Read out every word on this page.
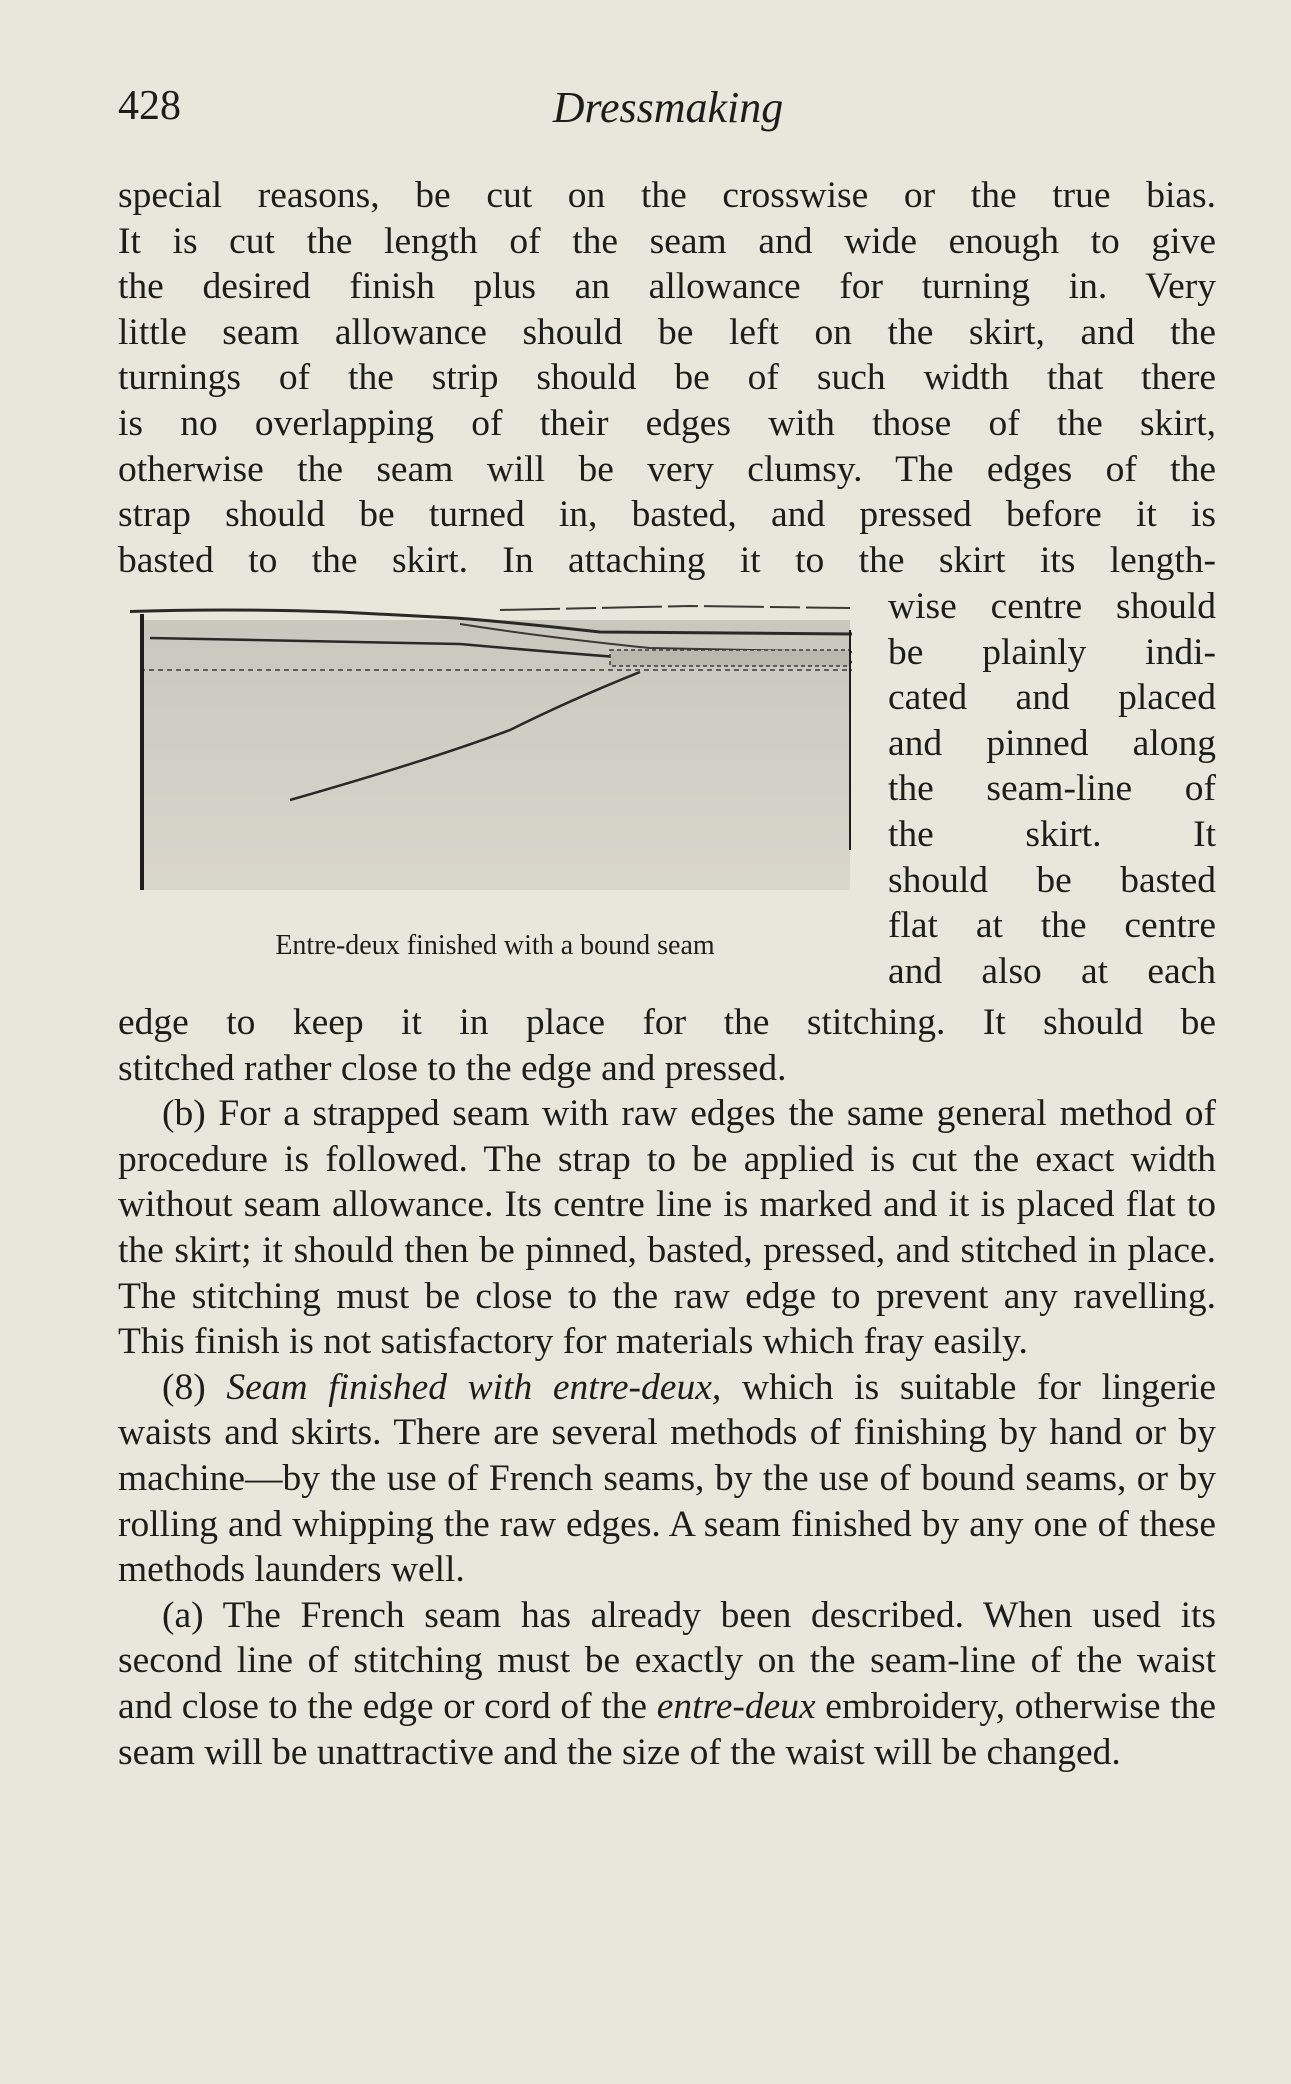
428	Dressmaking
special reasons, be cut on the crosswise or the true bias.
It is cut the length of the seam and wide enough to give
the desired finish plus an allowance for turning in. Very
little seam allowance should be left on the skirt, and the
turnings of the strip should be of such width that there
is no overlapping of their edges with those of the skirt,
otherwise the seam will be very clumsy. The edges of the
strap should be turned in, basted, and pressed before it is
basted to the skirt. In attaching it to the skirt its length-
Entre-deux finished with a bound seam
wise centre should
be plainly indi-
cated and placed
and pinned along
the seam-line of
the skirt. It
should be basted
flat at the centre
and also at each
edge to keep it in place for the stitching. It should be
stitched rather close to the edge and pressed.

(b) For a strapped seam with raw edges the same general method of procedure is followed. The strap to be applied is cut the exact width without seam allowance. Its centre line is marked and it is placed flat to the skirt; it should then be pinned, basted, pressed, and stitched in place. The stitching must be close to the raw edge to prevent any ravelling. This finish is not satisfactory for materials which fray easily.

(8) Seam finished with entre-deux, which is suitable for lingerie waists and skirts. There are several methods of finishing by hand or by machine—by the use of French seams, by the use of bound seams, or by rolling and whipping the raw edges. A seam finished by any one of these methods launders well.

(a) The French seam has already been described. When used its second line of stitching must be exactly on the seam-line of the waist and close to the edge or cord of the entre-deux embroidery, otherwise the seam will be unattractive and the size of the waist will be changed.
